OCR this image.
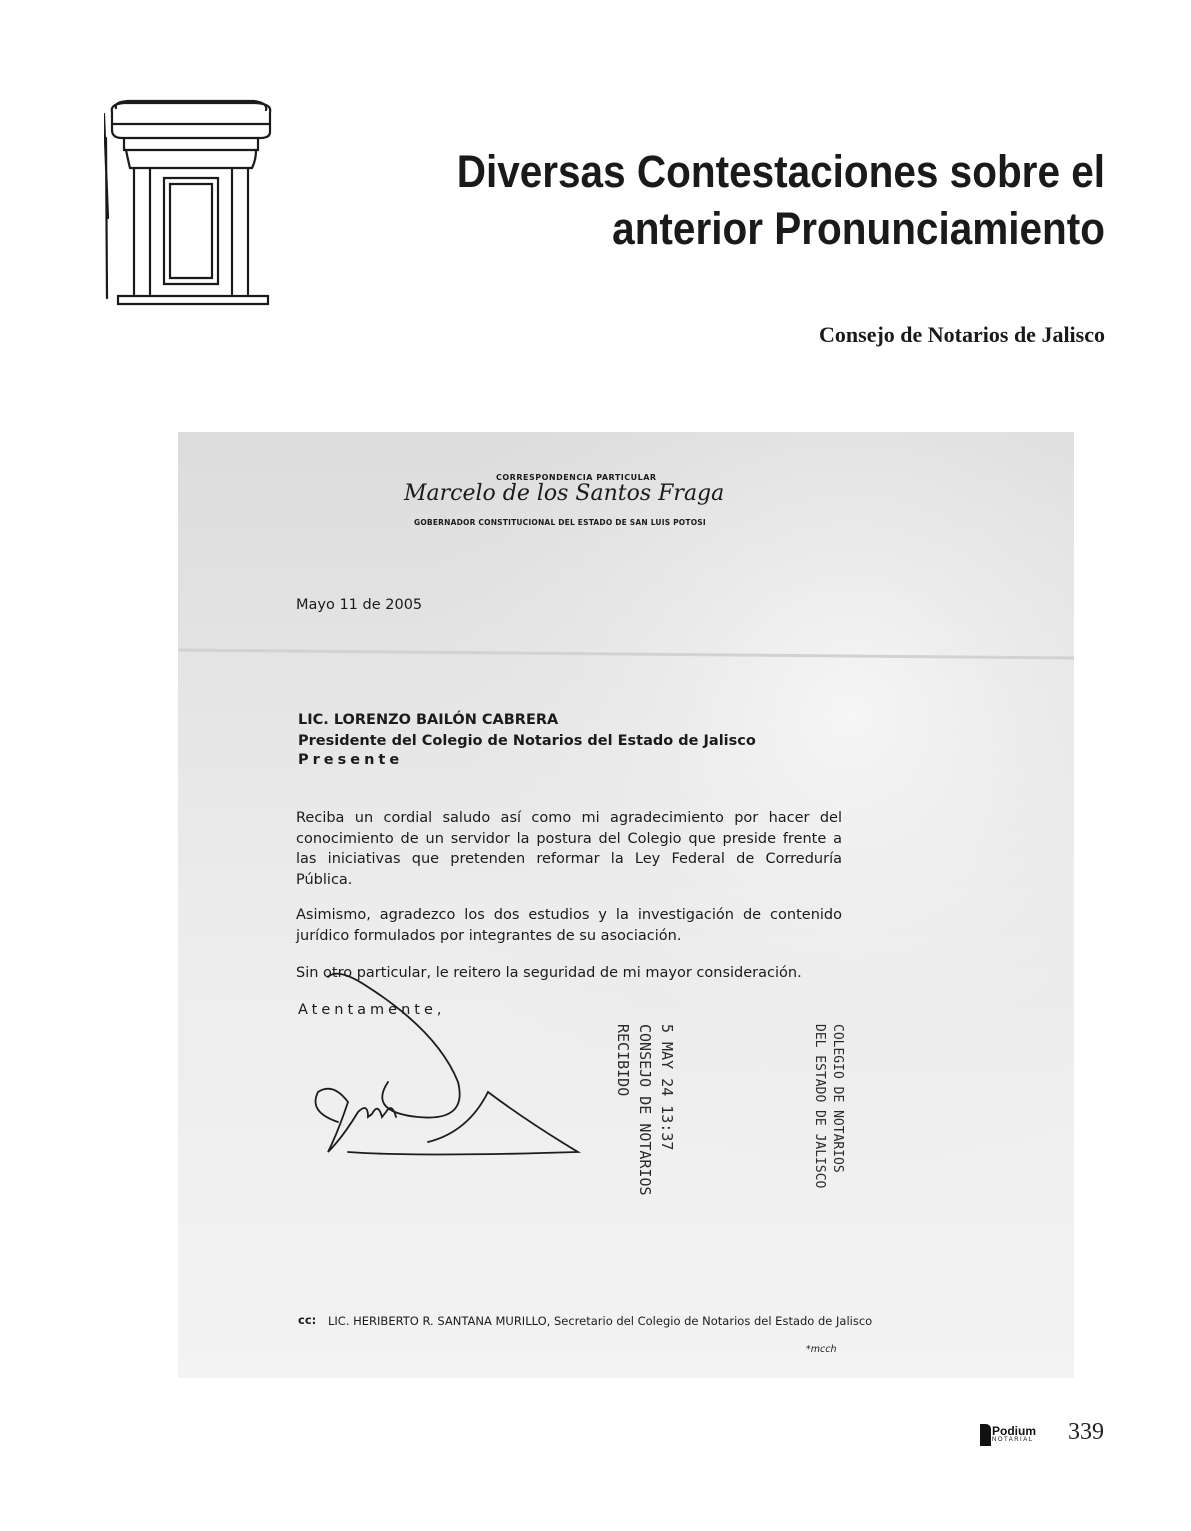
Diversas Contestaciones sobre el
anterior Pronunciamiento
Consejo de Notarios de Jalisco
CORRESPONDENCIA PARTICULAR
Marcelo de los Santos Fraga
GOBERNADOR CONSTITUCIONAL DEL ESTADO DE SAN LUIS POTOSI
Mayo 11 de 2005
LIC. LORENZO BAILÓN CABRERA
Presidente del Colegio de Notarios del Estado de Jalisco
Presente
Reciba un cordial saludo así como mi agradecimiento por hacer del conocimiento de un servidor la postura del Colegio que preside frente a las iniciativas que pretenden reformar la Ley Federal de Correduría Pública.
Asimismo, agradezco los dos estudios y la investigación de contenido jurídico formulados por integrantes de su asociación.
Sin otro particular, le reitero la seguridad de mi mayor consideración.
Atentamente,
5 MAY 24 13:37
CONSEJO DE NOTARIOS
RECIBIDO	COLEGIO DE NOTARIOS
DEL ESTADO DE JALISCO
cc: LIC. HERIBERTO R. SANTANA MURILLO, Secretario del Colegio de Notarios del Estado de Jalisco
*mcch
Podium
NOTARIAL 339
